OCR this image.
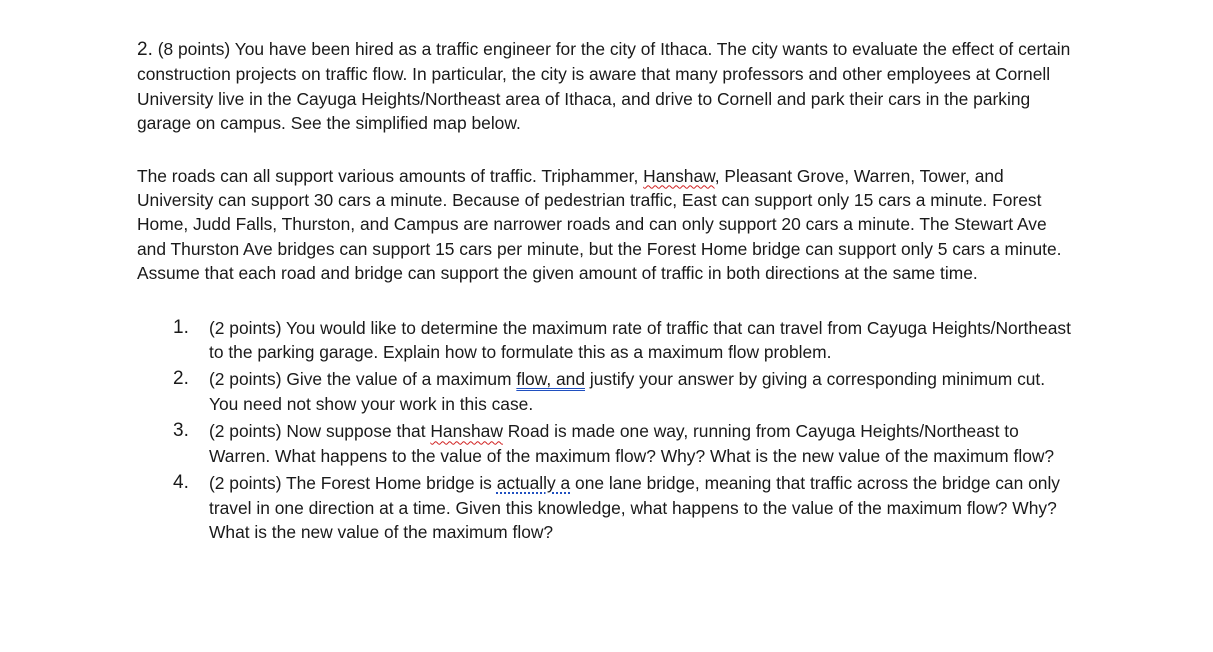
2. (8 points) You have been hired as a traffic engineer for the city of Ithaca. The city wants to evaluate the effect of certain construction projects on traffic flow. In particular, the city is aware that many professors and other employees at Cornell University live in the Cayuga Heights/Northeast area of Ithaca, and drive to Cornell and park their cars in the parking garage on campus. See the simplified map below.

The roads can all support various amounts of traffic. Triphammer, Hanshaw, Pleasant Grove, Warren, Tower, and University can support 30 cars a minute. Because of pedestrian traffic, East can support only 15 cars a minute. Forest Home, Judd Falls, Thurston, and Campus are narrower roads and can only support 20 cars a minute. The Stewart Ave and Thurston Ave bridges can support 15 cars per minute, but the Forest Home bridge can support only 5 cars a minute. Assume that each road and bridge can support the given amount of traffic in both directions at the same time.

1. (2 points) You would like to determine the maximum rate of traffic that can travel from Cayuga Heights/Northeast to the parking garage. Explain how to formulate this as a maximum flow problem.
2. (2 points) Give the value of a maximum flow, and justify your answer by giving a corresponding minimum cut. You need not show your work in this case.
3. (2 points) Now suppose that Hanshaw Road is made one way, running from Cayuga Heights/Northeast to Warren. What happens to the value of the maximum flow? Why? What is the new value of the maximum flow?
4. (2 points) The Forest Home bridge is actually a one lane bridge, meaning that traffic across the bridge can only travel in one direction at a time. Given this knowledge, what happens to the value of the maximum flow? Why? What is the new value of the maximum flow?
